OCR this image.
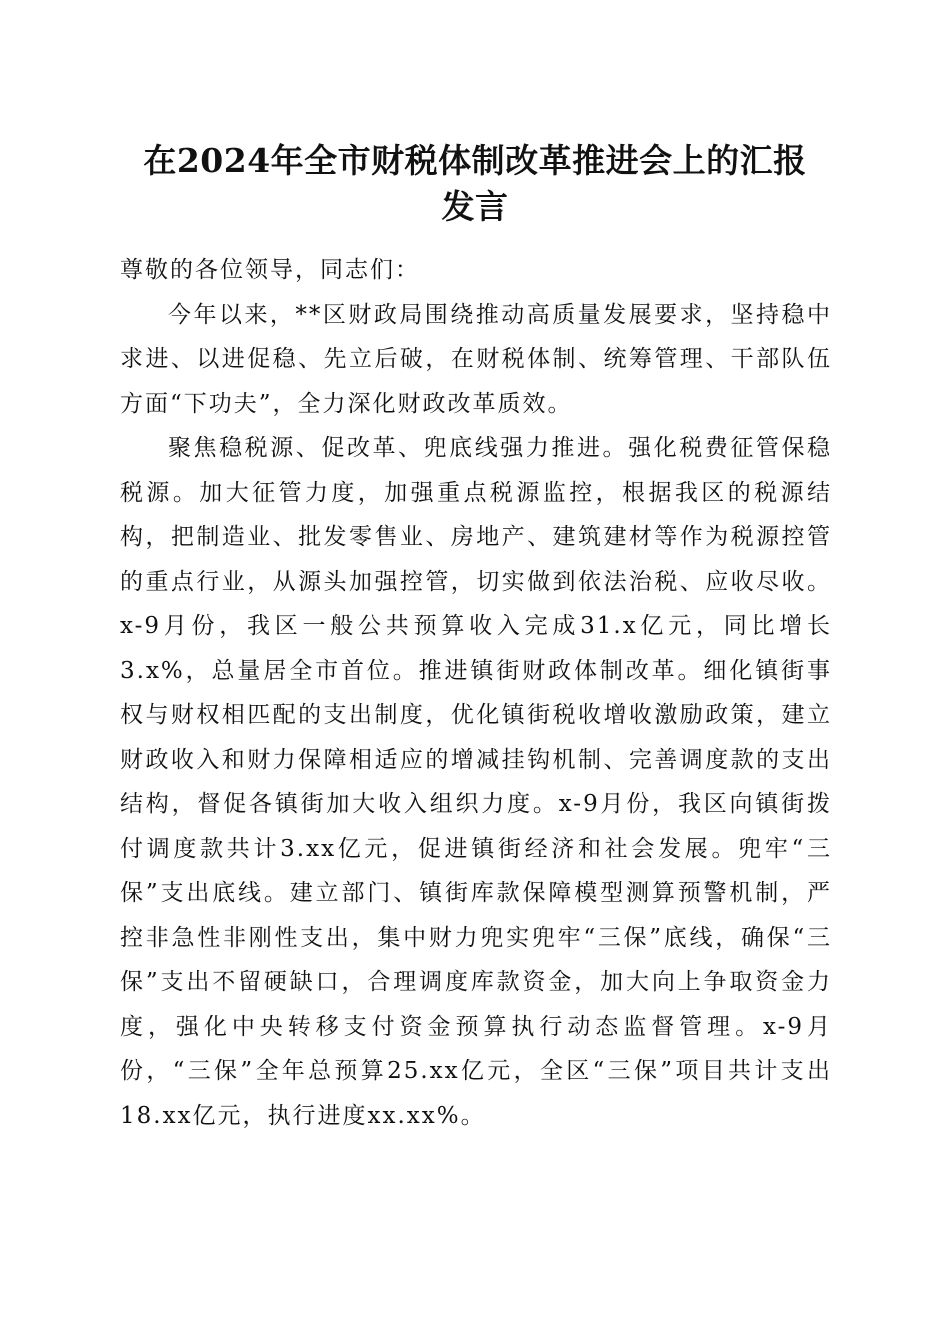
在2024年全市财税体制改革推进会上的汇报
发言

尊敬的各位领导，同志们：

今年以来，**区财政局围绕推动高质量发展要求，坚持稳中求进、以进促稳、先立后破，在财税体制、统筹管理、干部队伍方面“下功夫”，全力深化财政改革质效。

聚焦稳税源、促改革、兜底线强力推进。强化税费征管保稳税源。加大征管力度，加强重点税源监控，根据我区的税源结构，把制造业、批发零售业、房地产、建筑建材等作为税源控管的重点行业，从源头加强控管，切实做到依法治税、应收尽收。x-9月份，我区一般公共预算收入完成31.x亿元，同比增长3.x%，总量居全市首位。推进镇街财政体制改革。细化镇街事权与财权相匹配的支出制度，优化镇街税收增收激励政策，建立财政收入和财力保障相适应的增减挂钩机制、完善调度款的支出结构，督促各镇街加大收入组织力度。x-9月份，我区向镇街拨付调度款共计3.xx亿元，促进镇街经济和社会发展。兜牢“三保”支出底线。建立部门、镇街库款保障模型测算预警机制，严控非急性非刚性支出，集中财力兜实兜牢“三保”底线，确保“三保”支出不留硬缺口，合理调度库款资金，加大向上争取资金力度，强化中央转移支付资金预算执行动态监督管理。x-9月份，“三保”全年总预算25.xx亿元，全区“三保”项目共计支出18.xx亿元，执行进度xx.xx%。
